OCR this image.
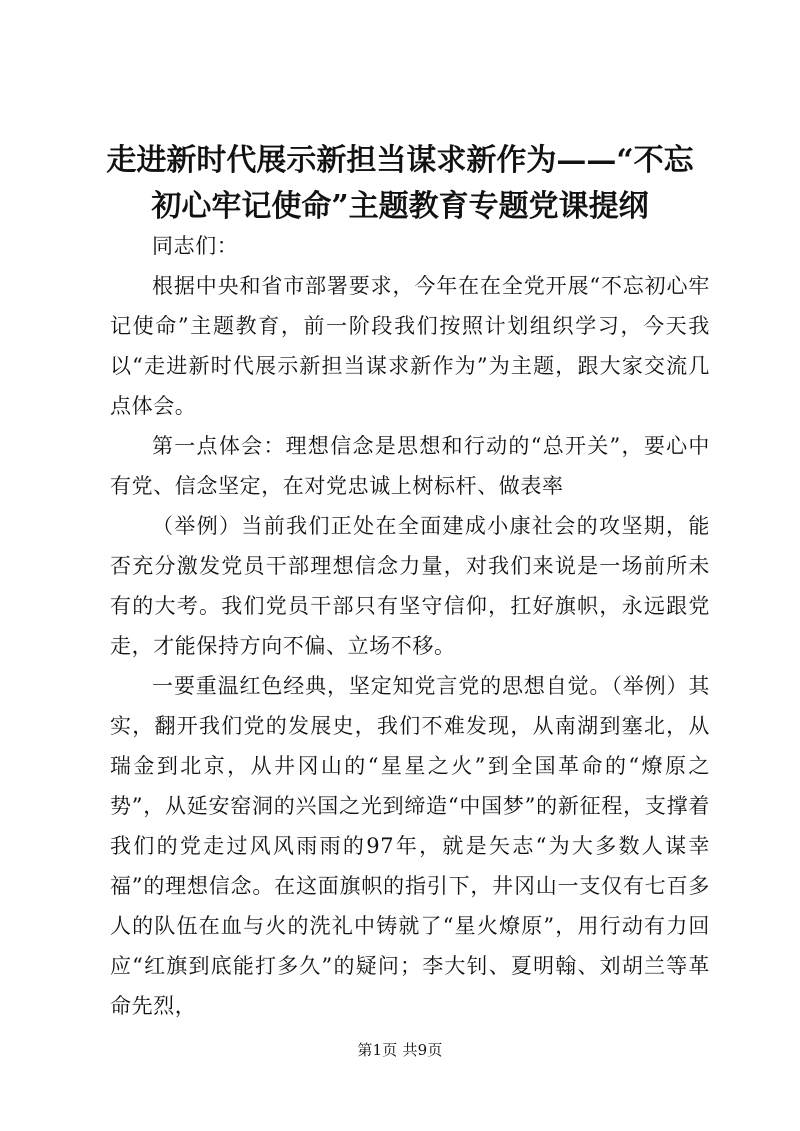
走进新时代展示新担当谋求新作为——“不忘初心牢记使命”主题教育专题党课提纲

同志们：

根据中央和省市部署要求，今年在在全党开展“不忘初心牢记使命”主题教育，前一阶段我们按照计划组织学习，今天我以“走进新时代展示新担当谋求新作为”为主题，跟大家交流几点体会。

第一点体会：理想信念是思想和行动的“总开关”，要心中有党、信念坚定，在对党忠诚上树标杆、做表率

（举例）当前我们正处在全面建成小康社会的攻坚期，能否充分激发党员干部理想信念力量，对我们来说是一场前所未有的大考。我们党员干部只有坚守信仰，扛好旗帜，永远跟党走，才能保持方向不偏、立场不移。

一要重温红色经典，坚定知党言党的思想自觉。（举例）其实，翻开我们党的发展史，我们不难发现，从南湖到塞北，从瑞金到北京，从井冈山的“星星之火”到全国革命的“燎原之势”，从延安窑洞的兴国之光到缔造“中国梦”的新征程，支撑着我们的党走过风风雨雨的97年，就是矢志“为大多数人谋幸福”的理想信念。在这面旗帜的指引下，井冈山一支仅有七百多人的队伍在血与火的洗礼中铸就了“星火燎原”，用行动有力回应“红旗到底能打多久”的疑问；李大钊、夏明翰、刘胡兰等革命先烈，

第1页 共9页
